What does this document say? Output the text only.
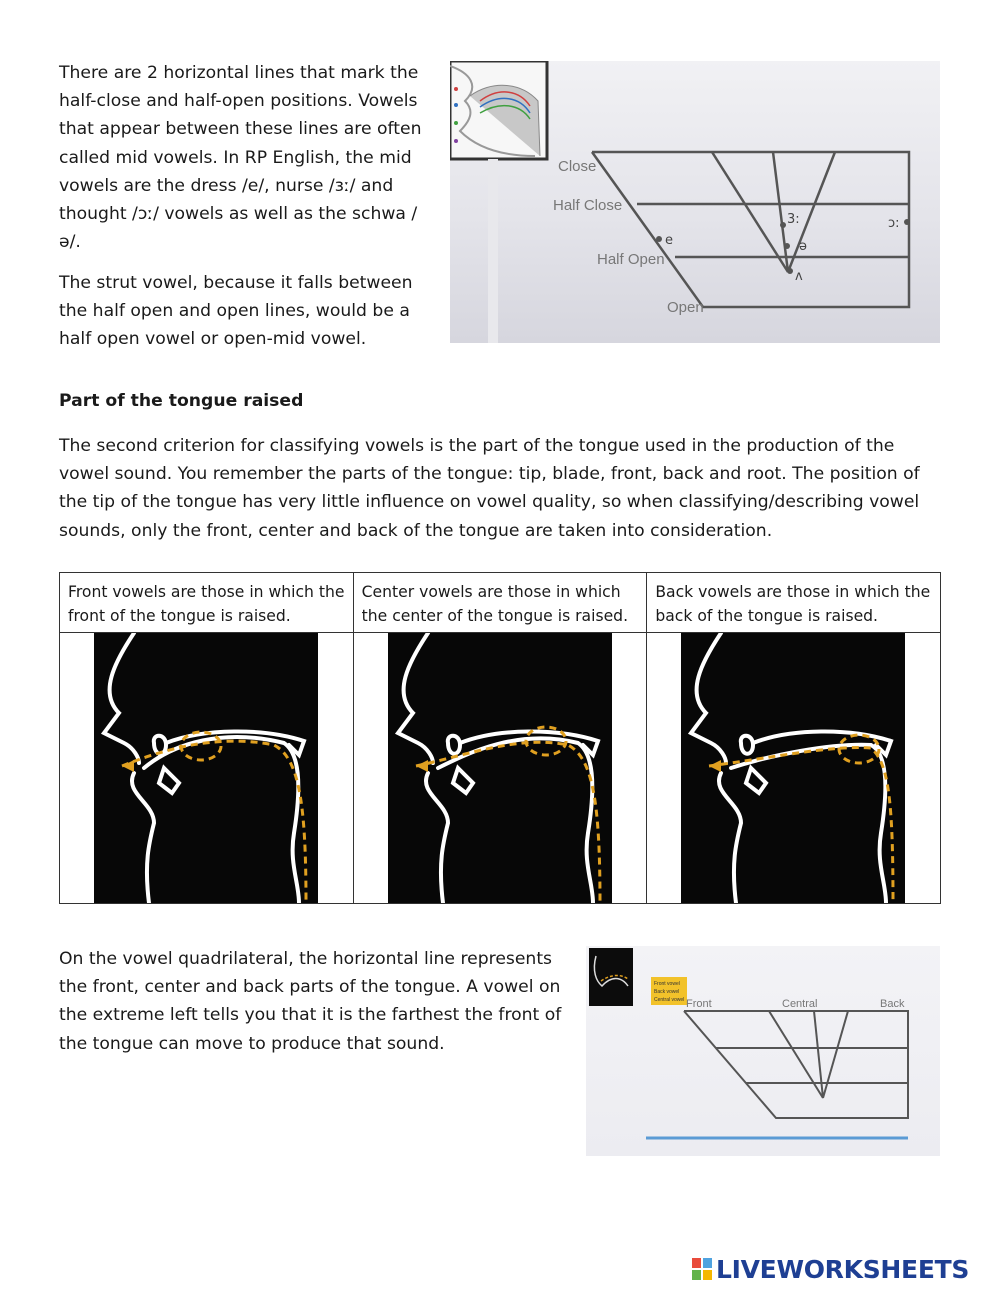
There are 2 horizontal lines that mark the half-close and half-open positions. Vowels that appear between these lines are often called mid vowels. In RP English, the mid vowels are the dress /e/, nurse /ɜː/ and thought /ɔː/ vowels as well as the schwa /ə/.

Close
Half Close
Half Open
Open
e
3:
ə
ɔ:
ʌ

The strut vowel, because it falls between the half open and open lines, would be a half open vowel or open-mid vowel.

Part of the tongue raised

The second criterion for classifying vowels is the part of the tongue used in the production of the vowel sound. You remember the parts of the tongue: tip, blade, front, back and root. The position of the tip of the tongue has very little influence on vowel quality, so when classifying/describing vowel sounds, only the front, center and back of the tongue are taken into consideration.

Front vowels are those in which the front of the tongue is raised.	Center vowels are those in which the center of the tongue is raised.	Back vowels are those in which the back of the tongue is raised.

On the vowel quadrilateral, the horizontal line represents the front, center and back parts of the tongue. A vowel on the extreme left tells you that it is the farthest the front of the tongue can move to produce that sound.

Front vowel
Back vowel
Central vowel Front	Central	Back
LIVEWORKSHEETS
